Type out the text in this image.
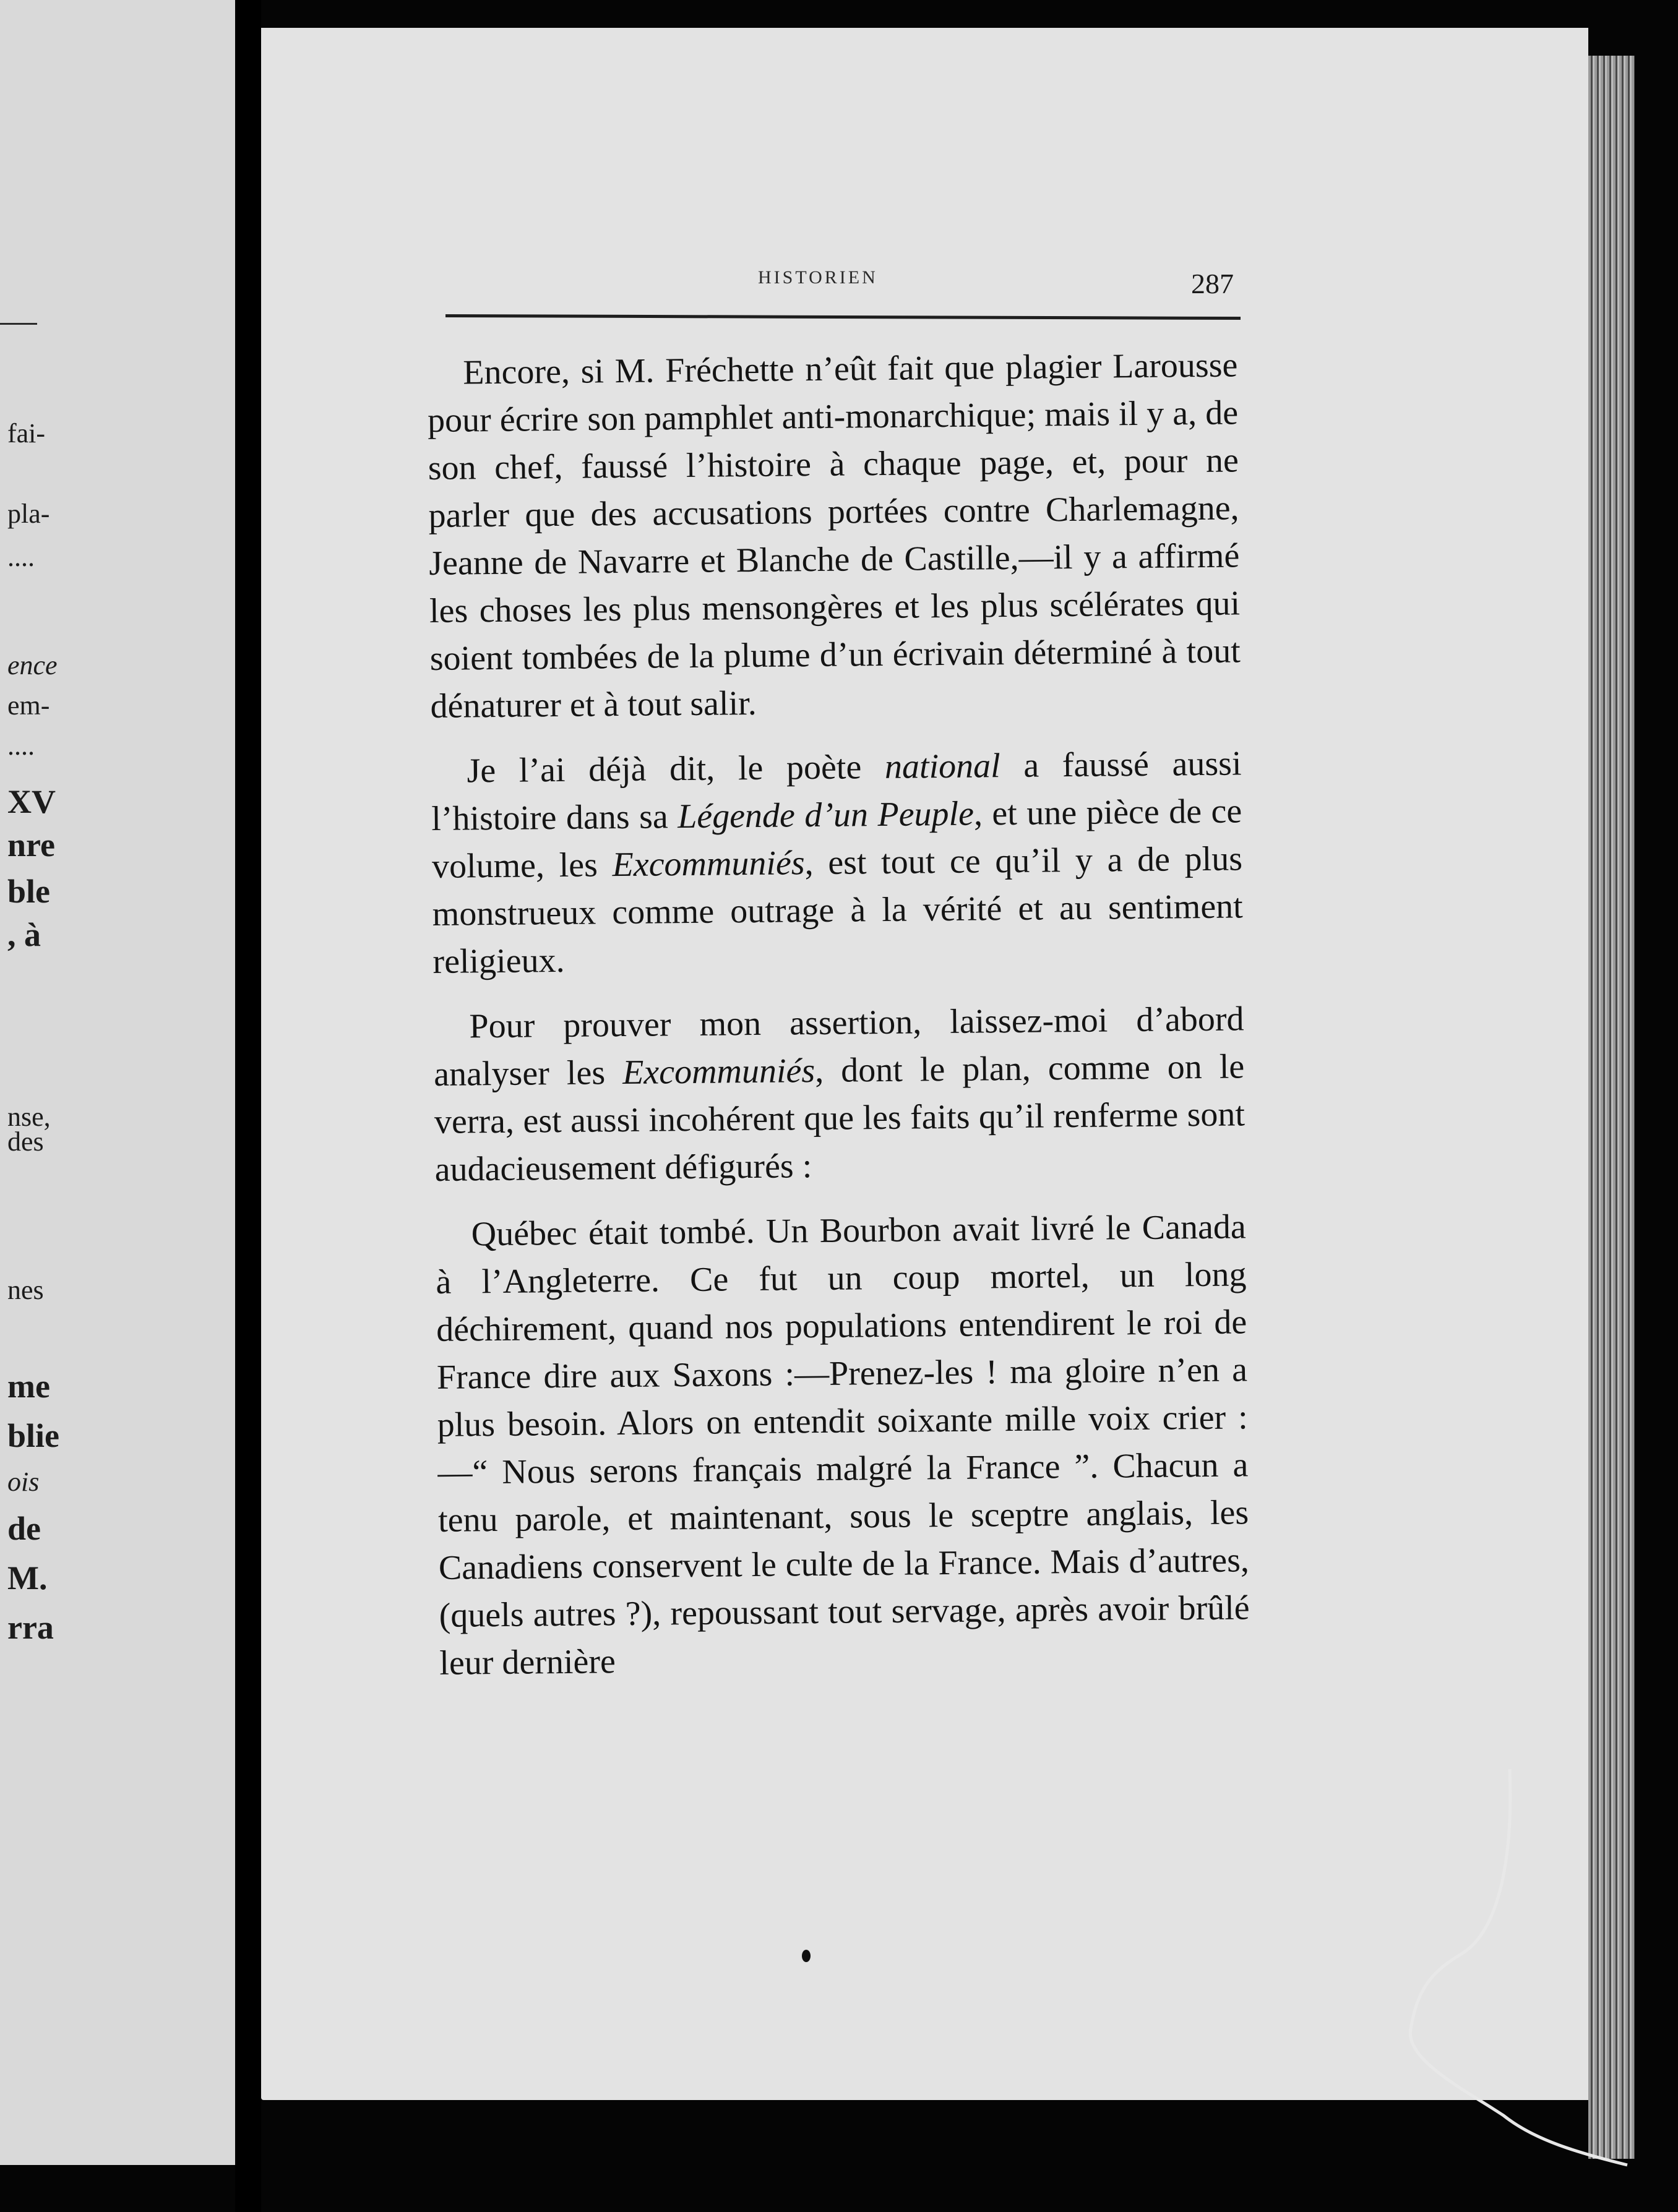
fai-
pla-
....
ence
em-
....
XV
nre
ble
, à
nse,
des
nes
me
blie
ois
de
M.
rra
HISTORIEN	287

Encore, si M. Fréchette n’eût fait que plagier Larousse pour écrire son pamphlet anti-monarchique; mais il y a, de son chef, faussé l’histoire à chaque page, et, pour ne parler que des accusations portées contre Charlemagne, Jeanne de Navarre et Blanche de Castille,—il y a affirmé les choses les plus mensongères et les plus scélérates qui soient tombées de la plume d’un écrivain déterminé à tout dénaturer et à tout salir.

Je l’ai déjà dit, le poète national a faussé aussi l’histoire dans sa Légende d’un Peuple, et une pièce de ce volume, les Excommuniés, est tout ce qu’il y a de plus monstrueux comme outrage à la vérité et au sentiment religieux.

Pour prouver mon assertion, laissez-moi d’abord analyser les Excommuniés, dont le plan, comme on le verra, est aussi incohérent que les faits qu’il renferme sont audacieusement défigurés :

Québec était tombé. Un Bourbon avait livré le Canada à l’Angleterre. Ce fut un coup mortel, un long déchirement, quand nos populations entendirent le roi de France dire aux Saxons :—Prenez-les ! ma gloire n’en a plus besoin. Alors on entendit soixante mille voix crier :—“ Nous serons français malgré la France ”. Chacun a tenu parole, et maintenant, sous le sceptre anglais, les Canadiens conservent le culte de la France. Mais d’autres, (quels autres ?), repoussant tout servage, après avoir brûlé leur dernière
